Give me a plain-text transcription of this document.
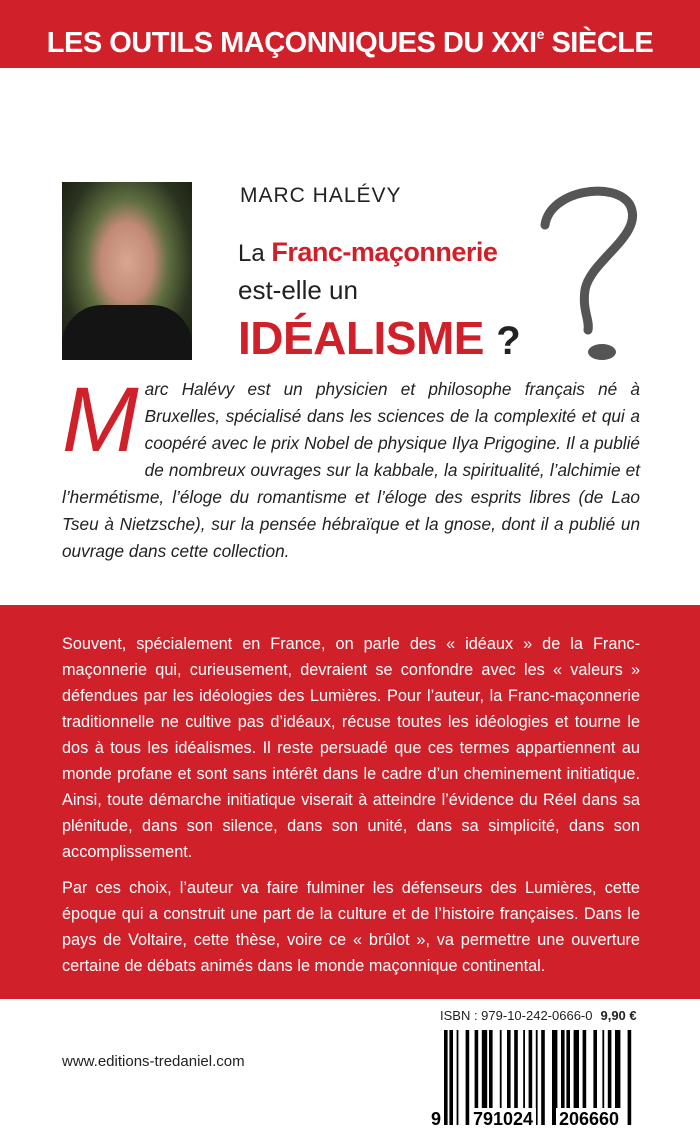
LES OUTILS MAÇONNIQUES DU XXIe SIÈCLE
MARC HALÉVY
La Franc-maçonnerie
est-elle un
IDÉALISME ?
Marc Halévy est un physicien et philosophe français né à Bruxelles, spécialisé dans les sciences de la complexité et qui a coopéré avec le prix Nobel de physique Ilya Prigogine. Il a publié de nombreux ouvrages sur la kabbale, la spiritualité, l’alchimie et l’hermétisme, l’éloge du romantisme et l’éloge des esprits libres (de Lao Tseu à Nietzsche), sur la pensée hébraïque et la gnose, dont il a publié un ouvrage dans cette collection.

Souvent, spécialement en France, on parle des « idéaux » de la Franc-maçonnerie qui, curieusement, devraient se confondre avec les « valeurs » défendues par les idéologies des Lumières. Pour l’auteur, la Franc-maçonnerie traditionnelle ne cultive pas d’idéaux, récuse toutes les idéologies et tourne le dos à tous les idéalismes. Il reste persuadé que ces termes appartiennent au monde profane et sont sans intérêt dans le cadre d’un cheminement initiatique. Ainsi, toute démarche initiatique viserait à atteindre l’évidence du Réel dans sa plénitude, dans son silence, dans son unité, dans sa simplicité, dans son accomplissement.

Par ces choix, l’auteur va faire fulminer les défenseurs des Lumières, cette époque qui a construit une part de la culture et de l’histoire françaises. Dans le pays de Voltaire, cette thèse, voire ce « brûlot », va permettre une ouverture certaine de débats animés dans le monde maçonnique continental.

www.editions-tredaniel.com
ISBN : 979-10-242-0666-0 9,90 €
9 791024 206660
